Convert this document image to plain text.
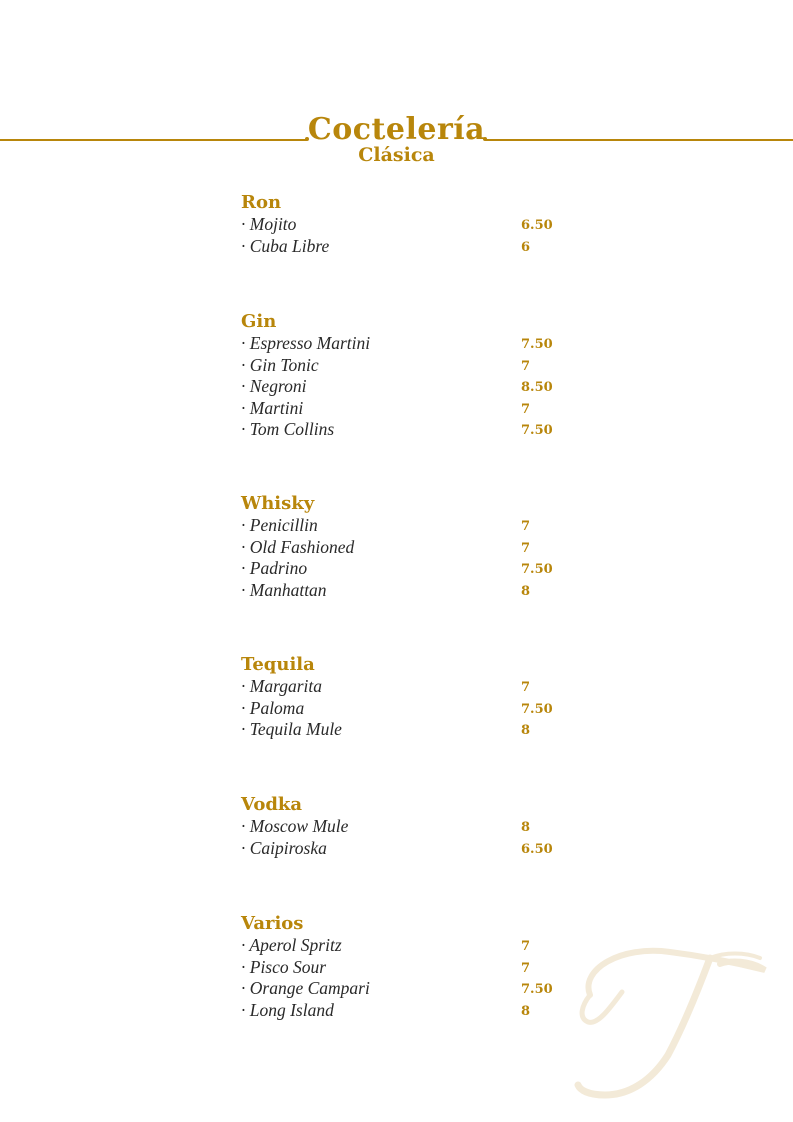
Coctelería
Clásica
Ron
· Mojito	6.50
· Cuba Libre	6
Gin
· Espresso Martini	7.50
· Gin Tonic	7
· Negroni	8.50
· Martini	7
· Tom Collins	7.50
Whisky
· Penicillin	7
· Old Fashioned	7
· Padrino	7.50
· Manhattan	8
Tequila
· Margarita	7
· Paloma	7.50
· Tequila Mule	8
Vodka
· Moscow Mule	8
· Caipiroska	6.50
Varios
· Aperol Spritz	7
· Pisco Sour	7
· Orange Campari	7.50
· Long Island	8
